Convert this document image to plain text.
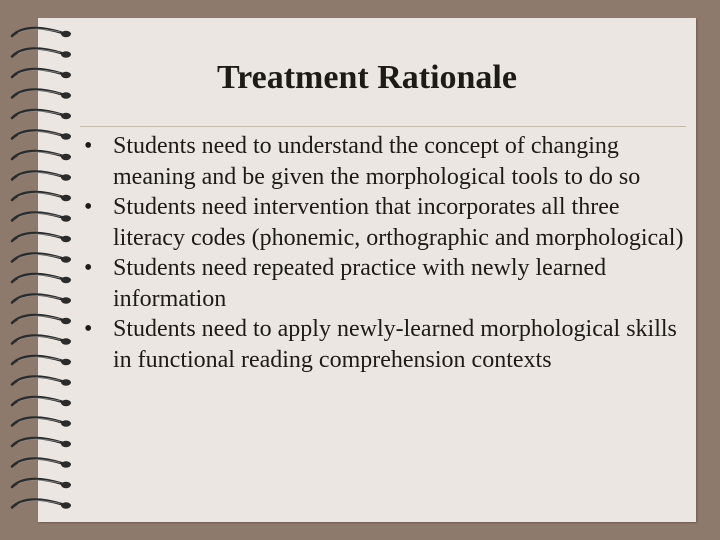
Treatment Rationale
• Students need to understand the concept of changing meaning and be given the morphological tools to do so
• Students need intervention that incorporates all three literacy codes (phonemic, orthographic and morphological)
• Students need repeated practice with newly learned information
• Students need to apply newly-learned morphological skills in functional reading comprehension contexts
